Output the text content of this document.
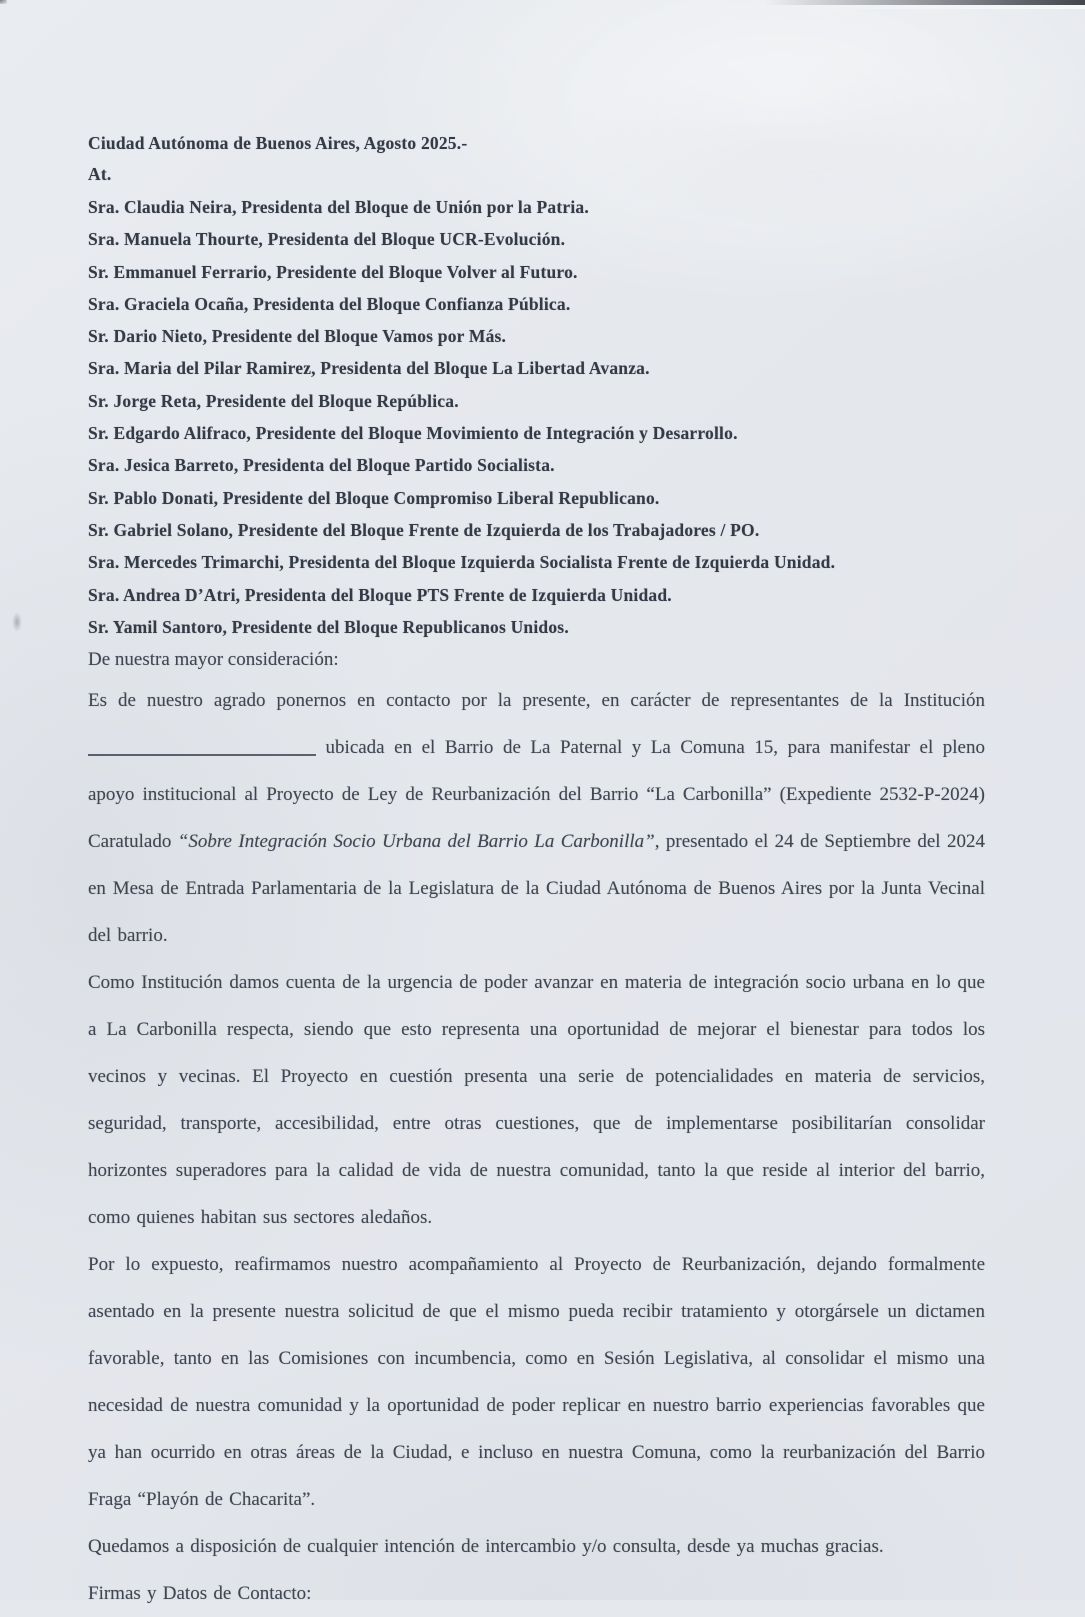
Ciudad Autónoma de Buenos Aires, Agosto 2025.-

At.

Sra. Claudia Neira, Presidenta del Bloque de Unión por la Patria.

Sra. Manuela Thourte, Presidenta del Bloque UCR-Evolución.

Sr. Emmanuel Ferrario, Presidente del Bloque Volver al Futuro.

Sra. Graciela Ocaña, Presidenta del Bloque Confianza Pública.

Sr. Dario Nieto, Presidente del Bloque Vamos por Más.

Sra. Maria del Pilar Ramirez, Presidenta del Bloque La Libertad Avanza.

Sr. Jorge Reta, Presidente del Bloque República.

Sr. Edgardo Alifraco, Presidente del Bloque Movimiento de Integración y Desarrollo.

Sra. Jesica Barreto, Presidenta del Bloque Partido Socialista.

Sr. Pablo Donati, Presidente del Bloque Compromiso Liberal Republicano.

Sr. Gabriel Solano, Presidente del Bloque Frente de Izquierda de los Trabajadores / PO.

Sra. Mercedes Trimarchi, Presidenta del Bloque Izquierda Socialista Frente de Izquierda Unidad.

Sra. Andrea D’Atri, Presidenta del Bloque PTS Frente de Izquierda Unidad.

Sr. Yamil Santoro, Presidente del Bloque Republicanos Unidos.

De nuestra mayor consideración:

Es de nuestro agrado ponernos en contacto por la presente, en carácter de representantes de la Institución  ubicada en el Barrio de La Paternal y La Comuna 15, para manifestar el pleno apoyo institucional al Proyecto de Ley de Reurbanización del Barrio “La Carbonilla” (Expediente 2532-P-2024) Caratulado “Sobre Integración Socio Urbana del Barrio La Carbonilla”, presentado el 24 de Septiembre del 2024 en Mesa de Entrada Parlamentaria de la Legislatura de la Ciudad Autónoma de Buenos Aires por la Junta Vecinal del barrio.

Como Institución damos cuenta de la urgencia de poder avanzar en materia de integración socio urbana en lo que a La Carbonilla respecta, siendo que esto representa una oportunidad de mejorar el bienestar para todos los vecinos y vecinas. El Proyecto en cuestión presenta una serie de potencialidades en materia de servicios, seguridad, transporte, accesibilidad, entre otras cuestiones, que de implementarse posibilitarían consolidar horizontes superadores para la calidad de vida de nuestra comunidad, tanto la que reside al interior del barrio, como quienes habitan sus sectores aledaños.

Por lo expuesto, reafirmamos nuestro acompañamiento al Proyecto de Reurbanización, dejando formalmente asentado en la presente nuestra solicitud de que el mismo pueda recibir tratamiento y otorgársele un dictamen favorable, tanto en las Comisiones con incumbencia, como en Sesión Legislativa, al consolidar el mismo una necesidad de nuestra comunidad y la oportunidad de poder replicar en nuestro barrio experiencias favorables que ya han ocurrido en otras áreas de la Ciudad, e incluso en nuestra Comuna, como la reurbanización del Barrio Fraga “Playón de Chacarita”.

Quedamos a disposición de cualquier intención de intercambio y/o consulta, desde ya muchas gracias.

Firmas y Datos de Contacto:
